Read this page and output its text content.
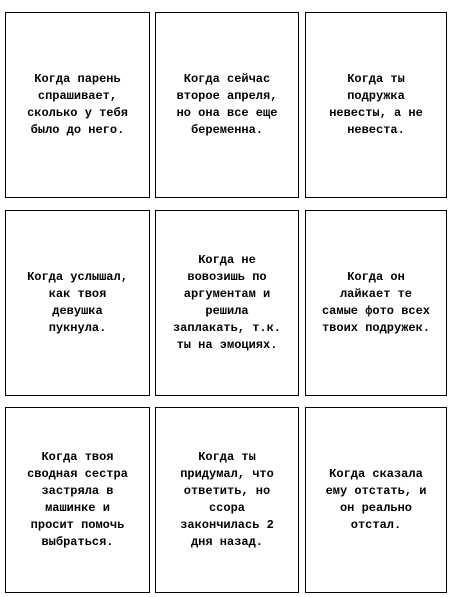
Когда парень
спрашивает,
сколько у тебя
было до него.
Когда сейчас
второе апреля,
но она все еще
беременна.
Когда ты
подружка
невесты, а не
невеста.
Когда услышал,
как твоя
девушка
пукнула.
Когда не
вовозишь по
аргументам и
решила
заплакать, т.к.
ты на эмоциях.
Когда он
лайкает те
самые фото всех
твоих подружек.
Когда твоя
сводная сестра
застряла в
машинке и
просит помочь
выбраться.
Когда ты
придумал, что
ответить, но
ссора
закончилась 2
дня назад.
Когда сказала
ему отстать, и
он реально
отстал.
